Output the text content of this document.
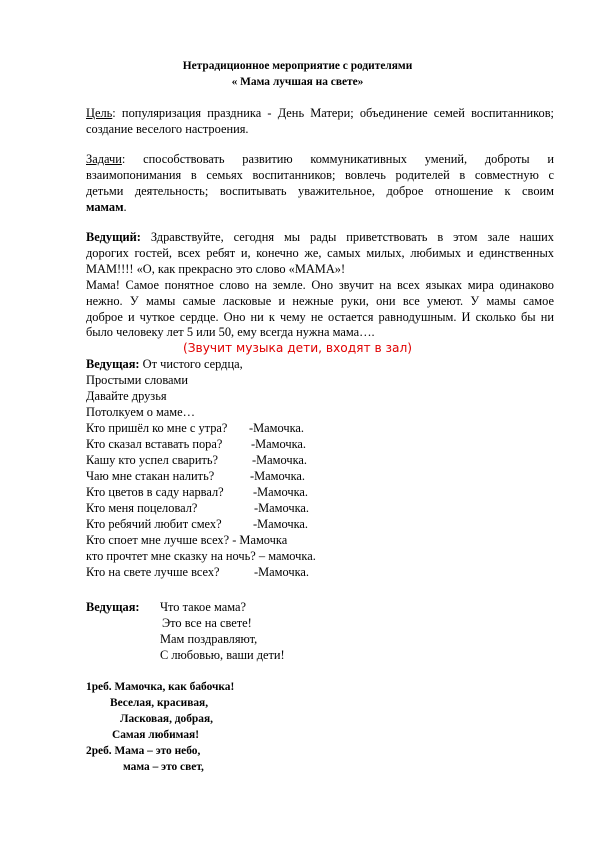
Нетрадиционное мероприятие с родителями
« Мама лучшая на свете»
Цель: популяризация праздника - День Матери; объединение семей воспитанников;
создание веселого настроения.
Задачи: способствовать развитию коммуникативных умений, доброты и
взаимопонимания в семьях воспитанников; вовлечь родителей в совместную с
детьми деятельность; воспитывать уважительное, доброе отношение к своим
мамам.
Ведущий: Здравствуйте, сегодня мы рады приветствовать в этом зале наших
дорогих гостей, всех ребят и, конечно же, самых милых, любимых и единственных
МАМ!!!! «О, как прекрасно это слово «МАМА»!
Мама! Самое понятное слово на земле. Оно звучит на всех языках мира одинаково
нежно. У мамы самые ласковые и нежные руки, они все умеют. У мамы самое
доброе и чуткое сердце. Оно ни к чему не остается равнодушным. И сколько бы ни
было человеку лет 5 или 50, ему всегда нужна мама….
(Звучит музыка дети, входят в зал)
Ведущая: От чистого сердца,
Простыми словами
Давайте друзья
Потолкуем о маме…
Кто пришёл ко мне с утра? -Мамочка.
Кто сказал вставать пора? -Мамочка.
Кашу кто успел сварить?	-Мамочка.
Чаю мне стакан налить?	-Мамочка.
Кто цветов в саду нарвал? -Мамочка.
Кто меня поцеловал?	-Мамочка.
Кто ребячий любит смех?	-Мамочка.
Кто споет мне лучше всех? - Мамочка
кто прочтет мне сказку на ночь? – мамочка.
Кто на свете лучше всех?	-Мамочка.
Ведущая: Что такое мама?
Это все на свете!
Мам поздравляют,
С любовью, ваши дети!
1реб. Мамочка, как бабочка!
Веселая, красивая,
Ласковая, добрая,
Самая любимая!
2реб. Мама – это небо,
мама – это свет,
